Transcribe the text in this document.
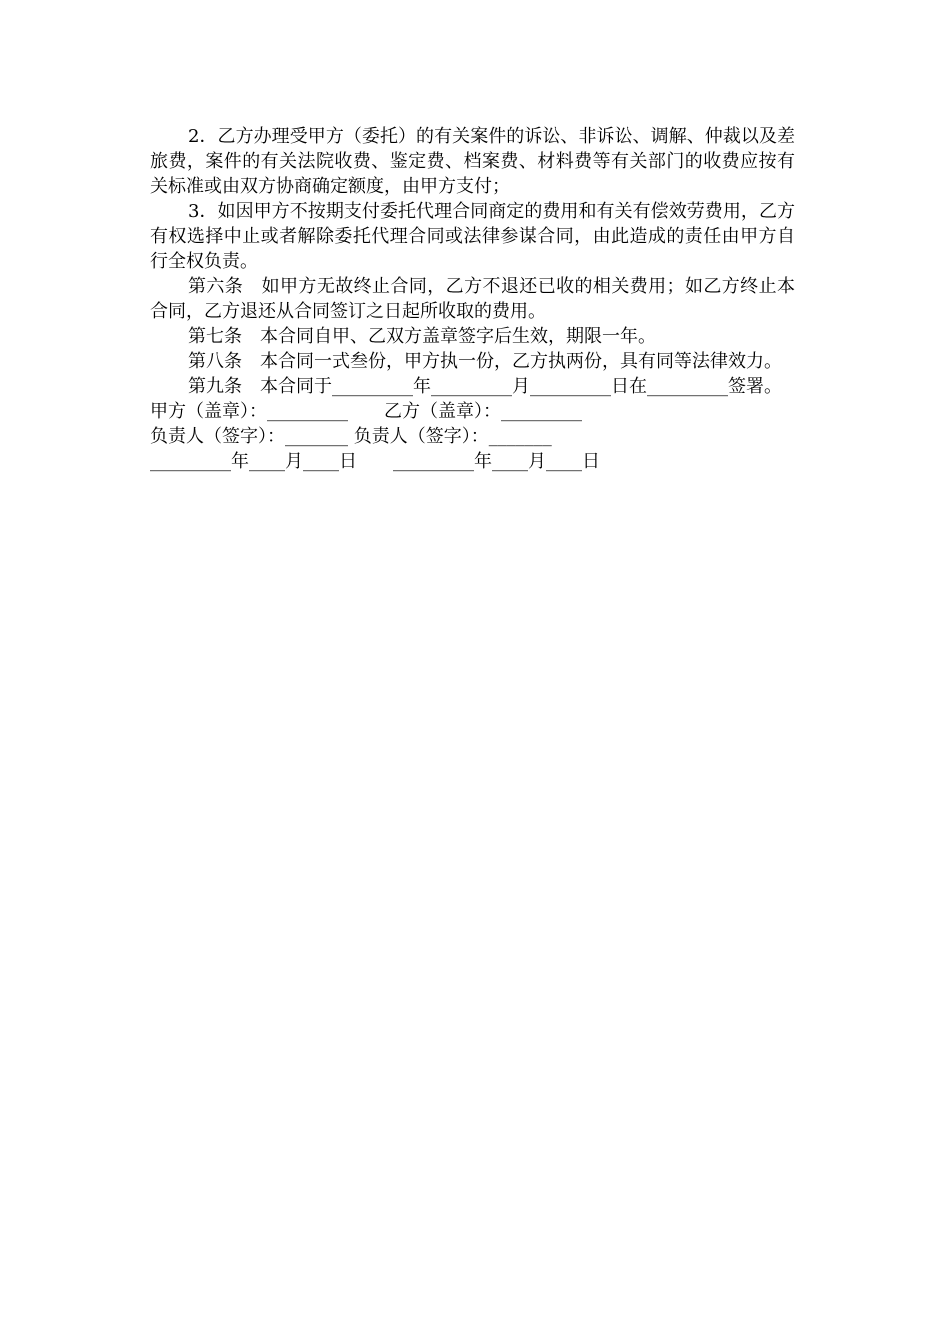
2．乙方办理受甲方（委托）的有关案件的诉讼、非诉讼、调解、仲裁以及差旅费，案件的有关法院收费、鉴定费、档案费、材料费等有关部门的收费应按有关标准或由双方协商确定额度，由甲方支付；

3．如因甲方不按期支付委托代理合同商定的费用和有关有偿效劳费用，乙方有权选择中止或者解除委托代理合同或法律参谋合同，由此造成的责任由甲方自行全权负责。

第六条　如甲方无故终止合同，乙方不退还已收的相关费用；如乙方终止本合同，乙方退还从合同签订之日起所收取的费用。

第七条　本合同自甲、乙双方盖章签字后生效，期限一年。

第八条　本合同一式叁份，甲方执一份，乙方执两份，具有同等法律效力。

第九条　本合同于_________年_________月_________日在_________签署。

甲方（盖章）：_________　　乙方（盖章）：_________

负责人（签字）：_______ 负责人（签字）：_______

_________年____月____日　　_________年____月____日
